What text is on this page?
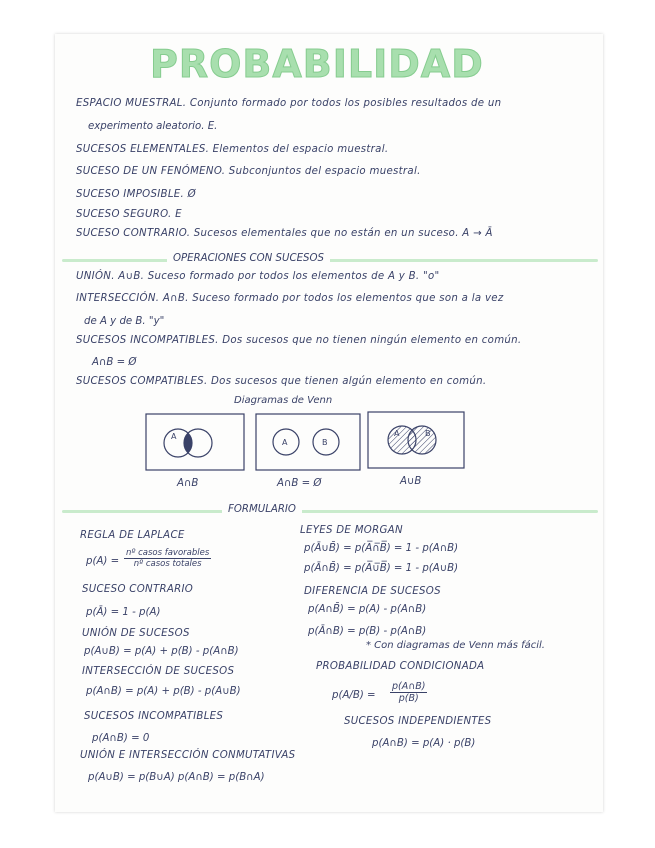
PROBABILIDAD
ESPACIO MUESTRAL. Conjunto formado por todos los posibles resultados de un
experimento aleatorio. E.
SUCESOS ELEMENTALES. Elementos del espacio muestral.
SUCESO DE UN FENÓMENO. Subconjuntos del espacio muestral.
SUCESO IMPOSIBLE. Ø
SUCESO SEGURO. E
SUCESO CONTRARIO. Sucesos elementales que no están en un suceso. A → Ā
OPERACIONES CON SUCESOS
UNIÓN. A∪B. Suceso formado por todos los elementos de A y B. "o"
INTERSECCIÓN. A∩B. Suceso formado por todos los elementos que son a la vez
de A y de B. "y"
SUCESOS INCOMPATIBLES. Dos sucesos que no tienen ningún elemento en común.
A∩B = Ø
SUCESOS COMPATIBLES. Dos sucesos que tienen algún elemento en común.
Diagramas de Venn
A	B
A	B
A	B
A∩B	A∩B = Ø	A∪B
FORMULARIO
REGLA DE LAPLACE
p(A) =
nº casos favorables
nº casos totales
SUCESO CONTRARIO
p(Ā) = 1 - p(A)
UNIÓN DE SUCESOS
p(A∪B) = p(A) + p(B) - p(A∩B)
INTERSECCIÓN DE SUCESOS
p(A∩B) = p(A) + p(B) - p(A∪B)
SUCESOS INCOMPATIBLES
p(A∩B) = 0
UNIÓN E INTERSECCIÓN CONMUTATIVAS
p(A∪B) = p(B∪A) p(A∩B) = p(B∩A)
LEYES DE MORGAN
p(Ā∪B̄) = p(A̅∩̅B̅) = 1 - p(A∩B)
p(Ā∩B̄) = p(A̅∪̅B̅) = 1 - p(A∪B)
DIFERENCIA DE SUCESOS
p(A∩B̄) = p(A) - p(A∩B)
p(Ā∩B) = p(B) - p(A∩B)
* Con diagramas de Venn más fácil.
PROBABILIDAD CONDICIONADA
$p(A/B) = \frac{p(A\cap B)}{p(B)}$
SUCESOS INDEPENDIENTES
p(A∩B) = p(A) · p(B)
